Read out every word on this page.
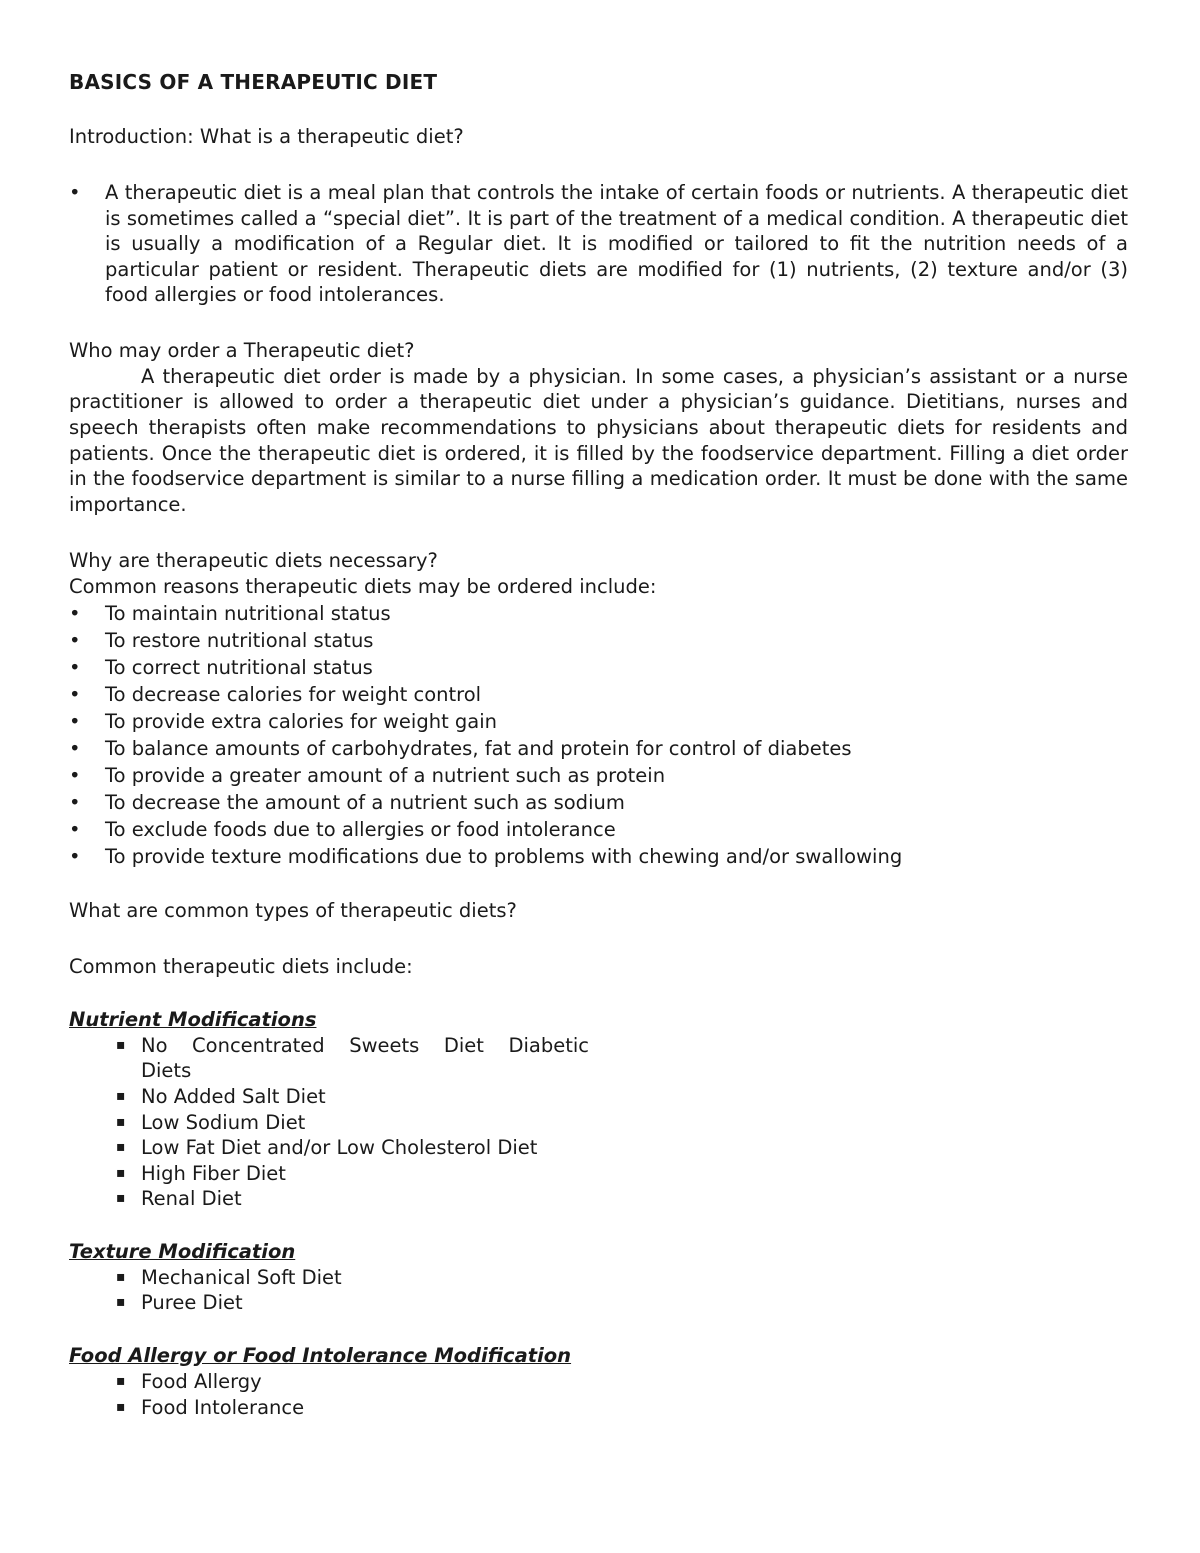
BASICS OF A THERAPEUTIC DIET

Introduction: What is a therapeutic diet?

• A therapeutic diet is a meal plan that controls the intake of certain foods or nutrients. A therapeutic diet is sometimes called a “special diet”. It is part of the treatment of a medical condition. A therapeutic diet is usually a modification of a Regular diet. It is modified or tailored to fit the nutrition needs of a particular patient or resident. Therapeutic diets are modified for (1) nutrients, (2) texture and/or (3) food allergies or food intolerances.

Who may order a Therapeutic diet?

A therapeutic diet order is made by a physician. In some cases, a physician’s assistant or a nurse practitioner is allowed to order a therapeutic diet under a physician’s guidance. Dietitians, nurses and speech therapists often make recommendations to physicians about therapeutic diets for residents and patients. Once the therapeutic diet is ordered, it is filled by the foodservice department. Filling a diet order in the foodservice department is similar to a nurse filling a medication order. It must be done with the same importance.

Why are therapeutic diets necessary?

Common reasons therapeutic diets may be ordered include:

• To maintain nutritional status
• To restore nutritional status
• To correct nutritional status
• To decrease calories for weight control
• To provide extra calories for weight gain
• To balance amounts of carbohydrates, fat and protein for control of diabetes
• To provide a greater amount of a nutrient such as protein
• To decrease the amount of a nutrient such as sodium
• To exclude foods due to allergies or food intolerance
• To provide texture modifications due to problems with chewing and/or swallowing

What are common types of therapeutic diets?

Common therapeutic diets include:

Nutrient Modifications

▪ No Concentrated Sweets Diet Diabetic
Diets
▪ No Added Salt Diet
▪ Low Sodium Diet
▪ Low Fat Diet and/or Low Cholesterol Diet
▪ High Fiber Diet
▪ Renal Diet

Texture Modification

▪ Mechanical Soft Diet
▪ Puree Diet

Food Allergy or Food Intolerance Modification

▪ Food Allergy
▪ Food Intolerance
